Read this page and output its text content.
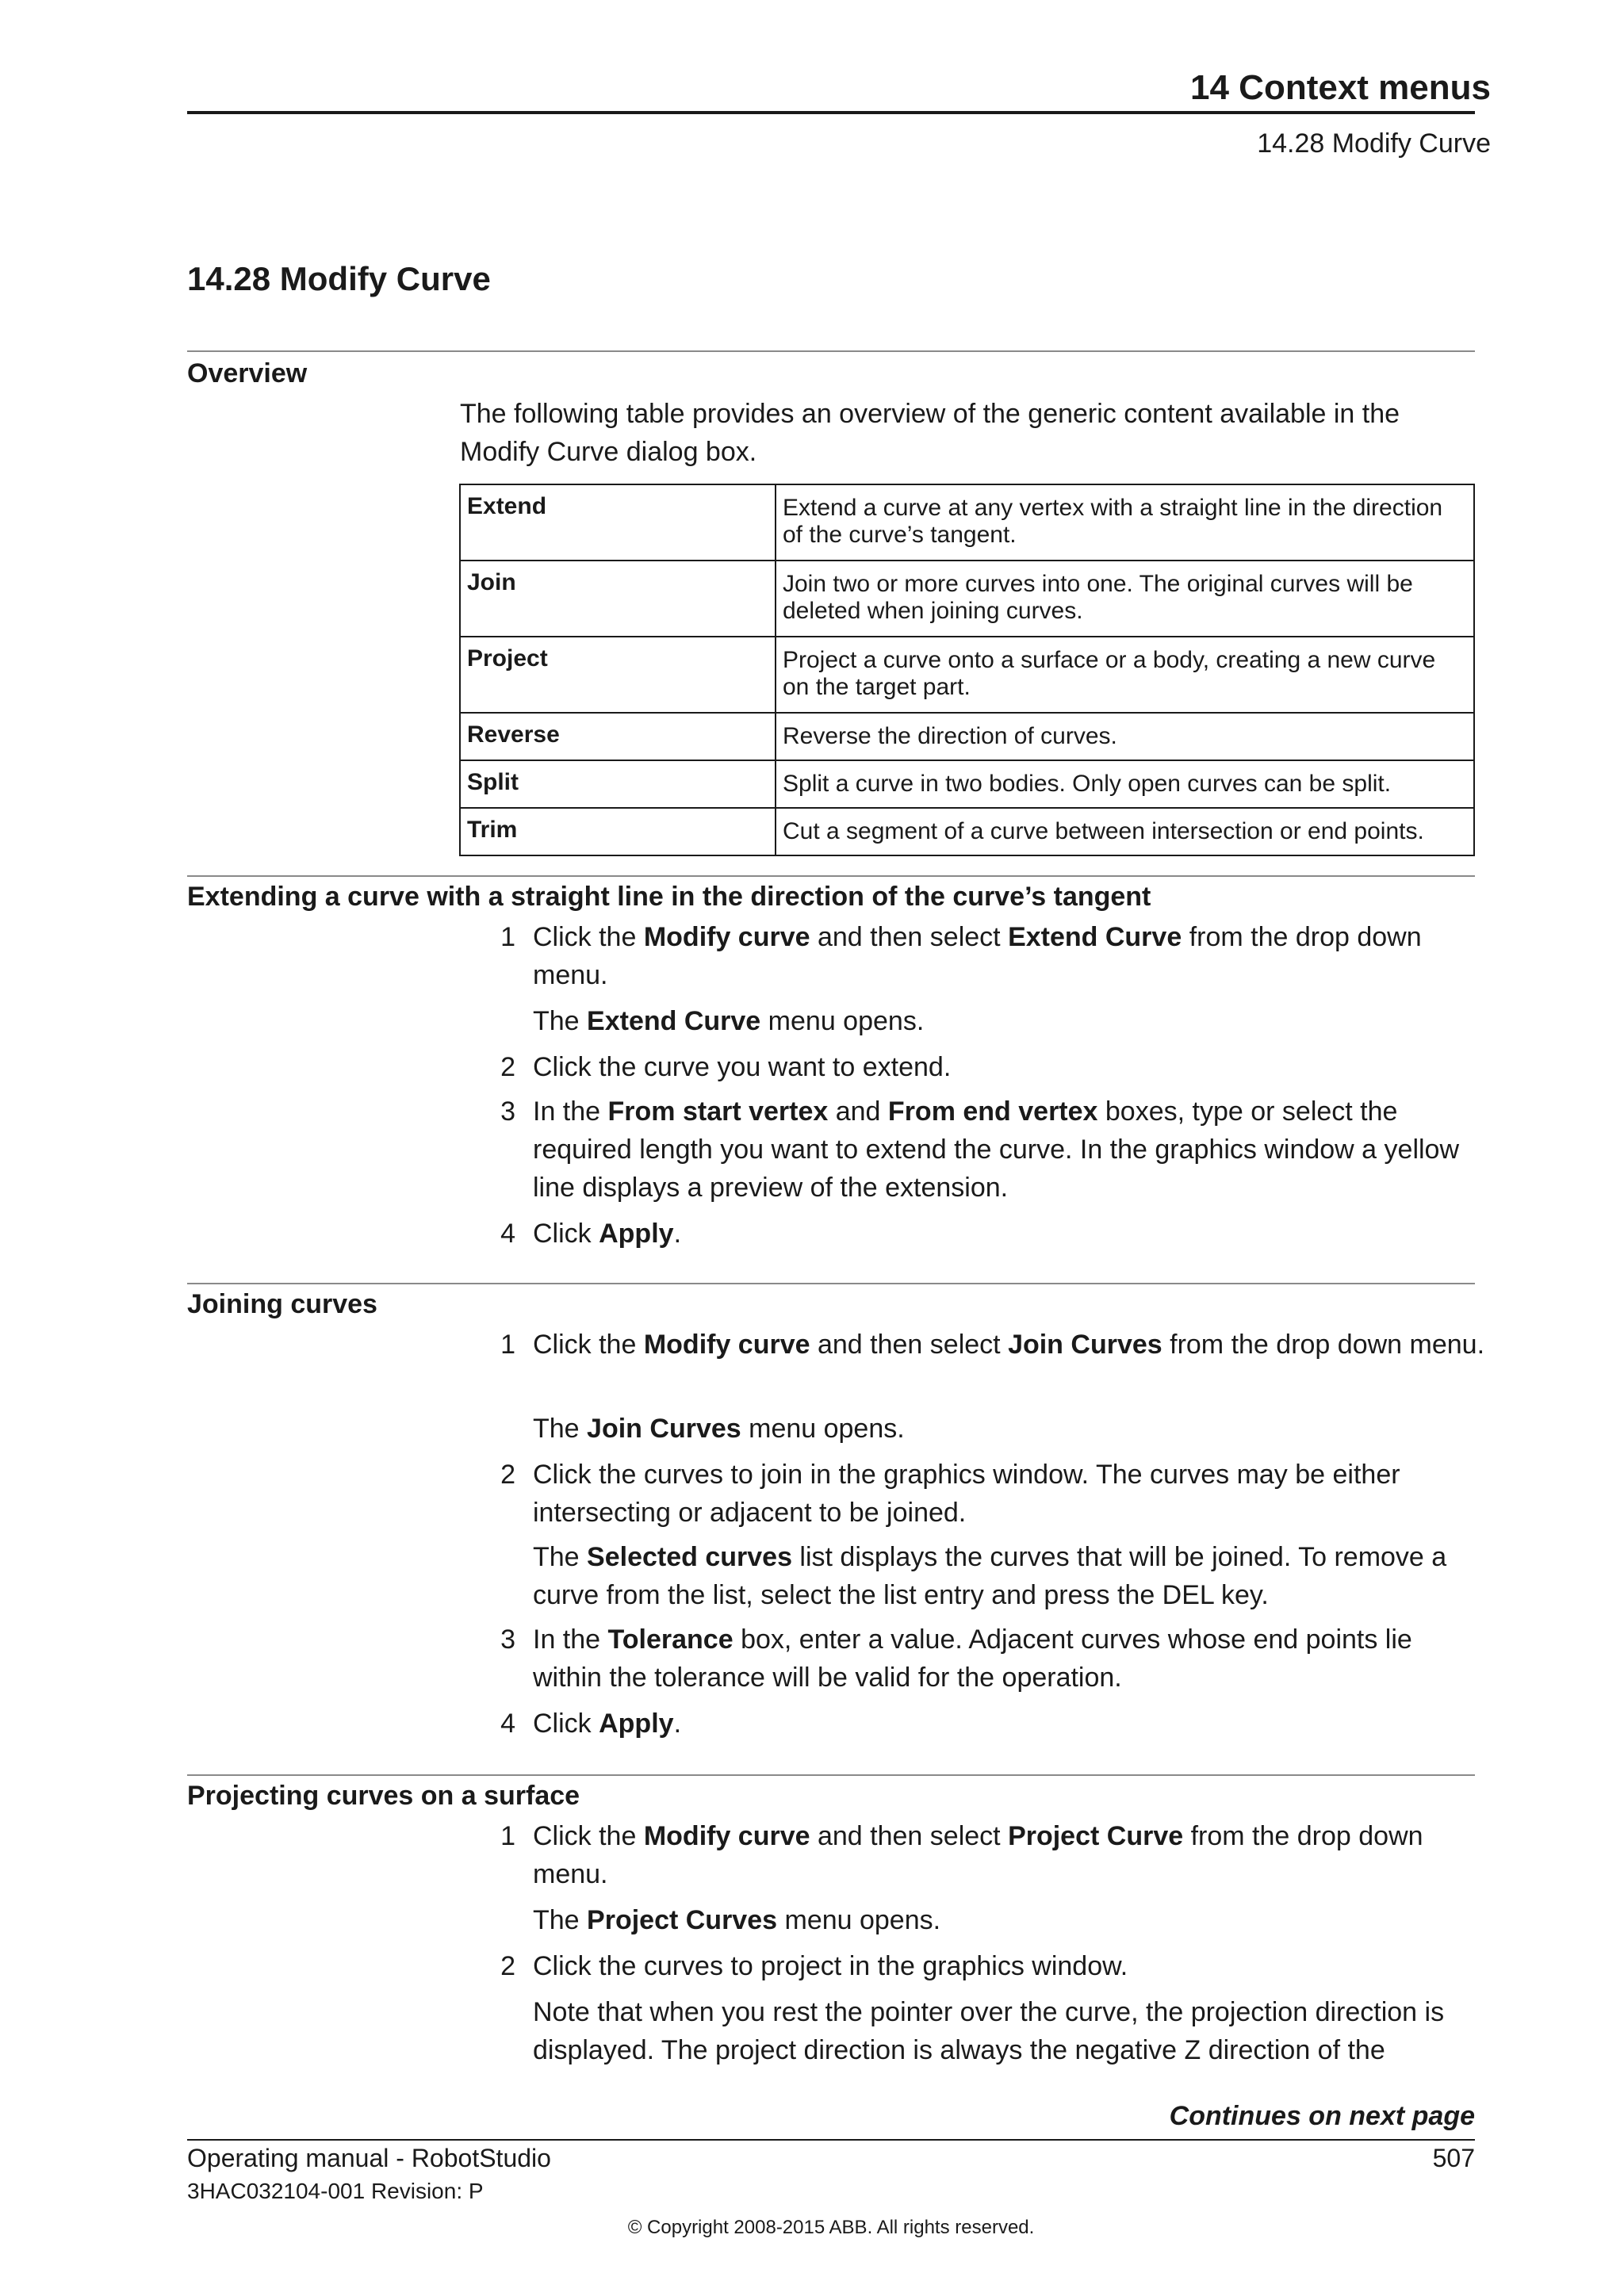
14 Context menus
14.28 Modify Curve
14.28 Modify Curve
Overview
The following table provides an overview of the generic content available in the Modify Curve dialog box.
Extend	Extend a curve at any vertex with a straight line in the direction of the curve’s tangent.
Join	Join two or more curves into one. The original curves will be deleted when joining curves.
Project	Project a curve onto a surface or a body, creating a new curve on the target part.
Reverse	Reverse the direction of curves.
Split	Split a curve in two bodies. Only open curves can be split.
Trim	Cut a segment of a curve between intersection or end points.
Extending a curve with a straight line in the direction of the curve’s tangent
1 Click the Modify curve and then select Extend Curve from the drop down menu.
The Extend Curve menu opens.
2 Click the curve you want to extend.
3 In the From start vertex and From end vertex boxes, type or select the required length you want to extend the curve. In the graphics window a yellow line displays a preview of the extension.
4 Click Apply.
Joining curves
1 Click the Modify curve and then select Join Curves from the drop down menu.
The Join Curves menu opens.
2 Click the curves to join in the graphics window. The curves may be either intersecting or adjacent to be joined.
The Selected curves list displays the curves that will be joined. To remove a curve from the list, select the list entry and press the DEL key.
3 In the Tolerance box, enter a value. Adjacent curves whose end points lie within the tolerance will be valid for the operation.
4 Click Apply.
Projecting curves on a surface
1 Click the Modify curve and then select Project Curve from the drop down menu.
The Project Curves menu opens.
2 Click the curves to project in the graphics window.
Note that when you rest the pointer over the curve, the projection direction is displayed. The project direction is always the negative Z direction of the
Continues on next page
Operating manual - RobotStudio	507
3HAC032104-001 Revision: P
© Copyright 2008-2015 ABB. All rights reserved.
